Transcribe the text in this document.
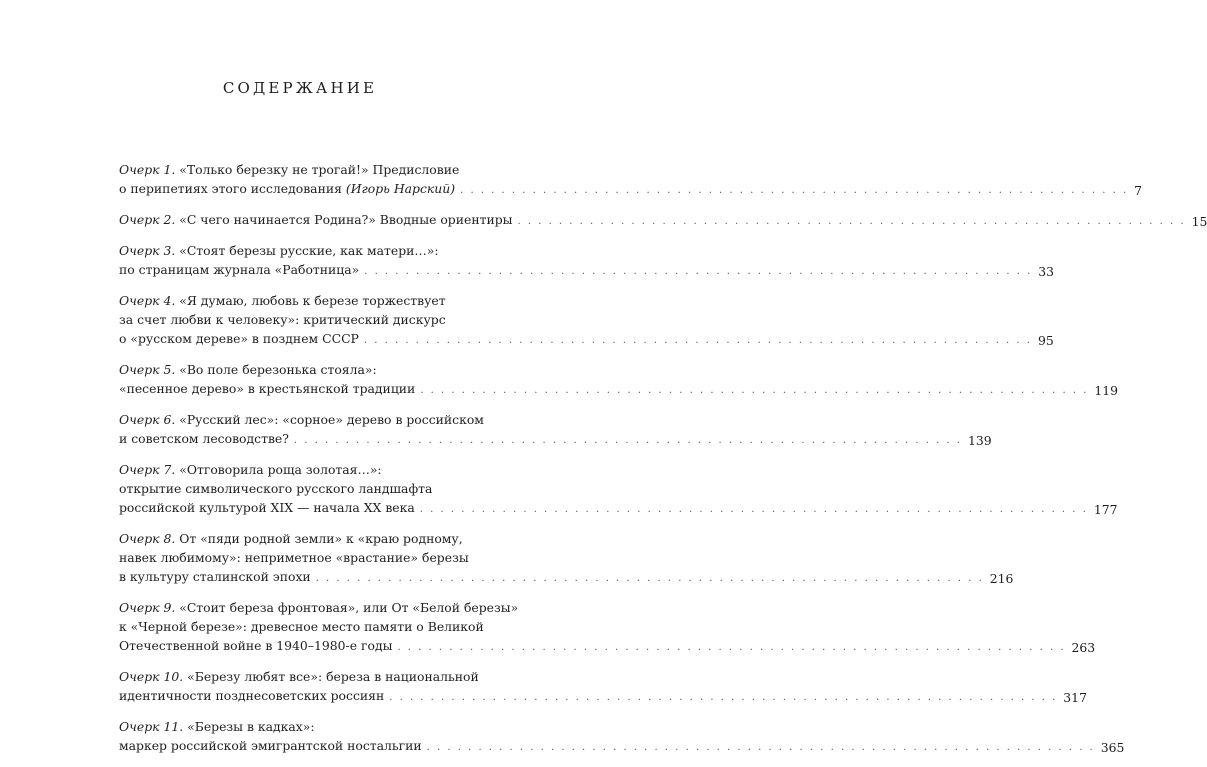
СОДЕРЖАНИЕ
Очерк 1. «Только березку не трогай!» Предисловие
о перипетиях этого исследования (Игорь Нарский) . . .	7
Очерк 2. «С чего начинается Родина?» Вводные ориентиры . . .	15
Очерк 3. «Стоят березы русские, как матери…»:
по страницам журнала «Работница» . . .	33
Очерк 4. «Я думаю, любовь к березе торжествует
за счет любви к человеку»: критический дискурс
о «русском дереве» в позднем СССР . . .	95
Очерк 5. «Во поле березонька стояла»:
«песенное дерево» в крестьянской традиции . . .	119
Очерк 6. «Русский лес»: «сорное» дерево в российском
и советском лесоводстве? . . .	139
Очерк 7. «Отговорила роща золотая…»:
открытие символического русского ландшафта
российской культурой XIX — начала XX века . . .	177
Очерк 8. От «пяди родной земли» к «краю родному,
навек любимому»: неприметное «врастание» березы
в культуру сталинской эпохи . . .	216
Очерк 9. «Стоит береза фронтовая», или От «Белой березы»
к «Черной березе»: древесное место памяти о Великой
Отечественной войне в 1940–1980-е годы . . .	263
Очерк 10. «Березу любят все»: береза в национальной
идентичности позднесоветских россиян . . .	317
Очерк 11. «Березы в кадках»:
маркер российской эмигрантской ностальгии . . .	365
